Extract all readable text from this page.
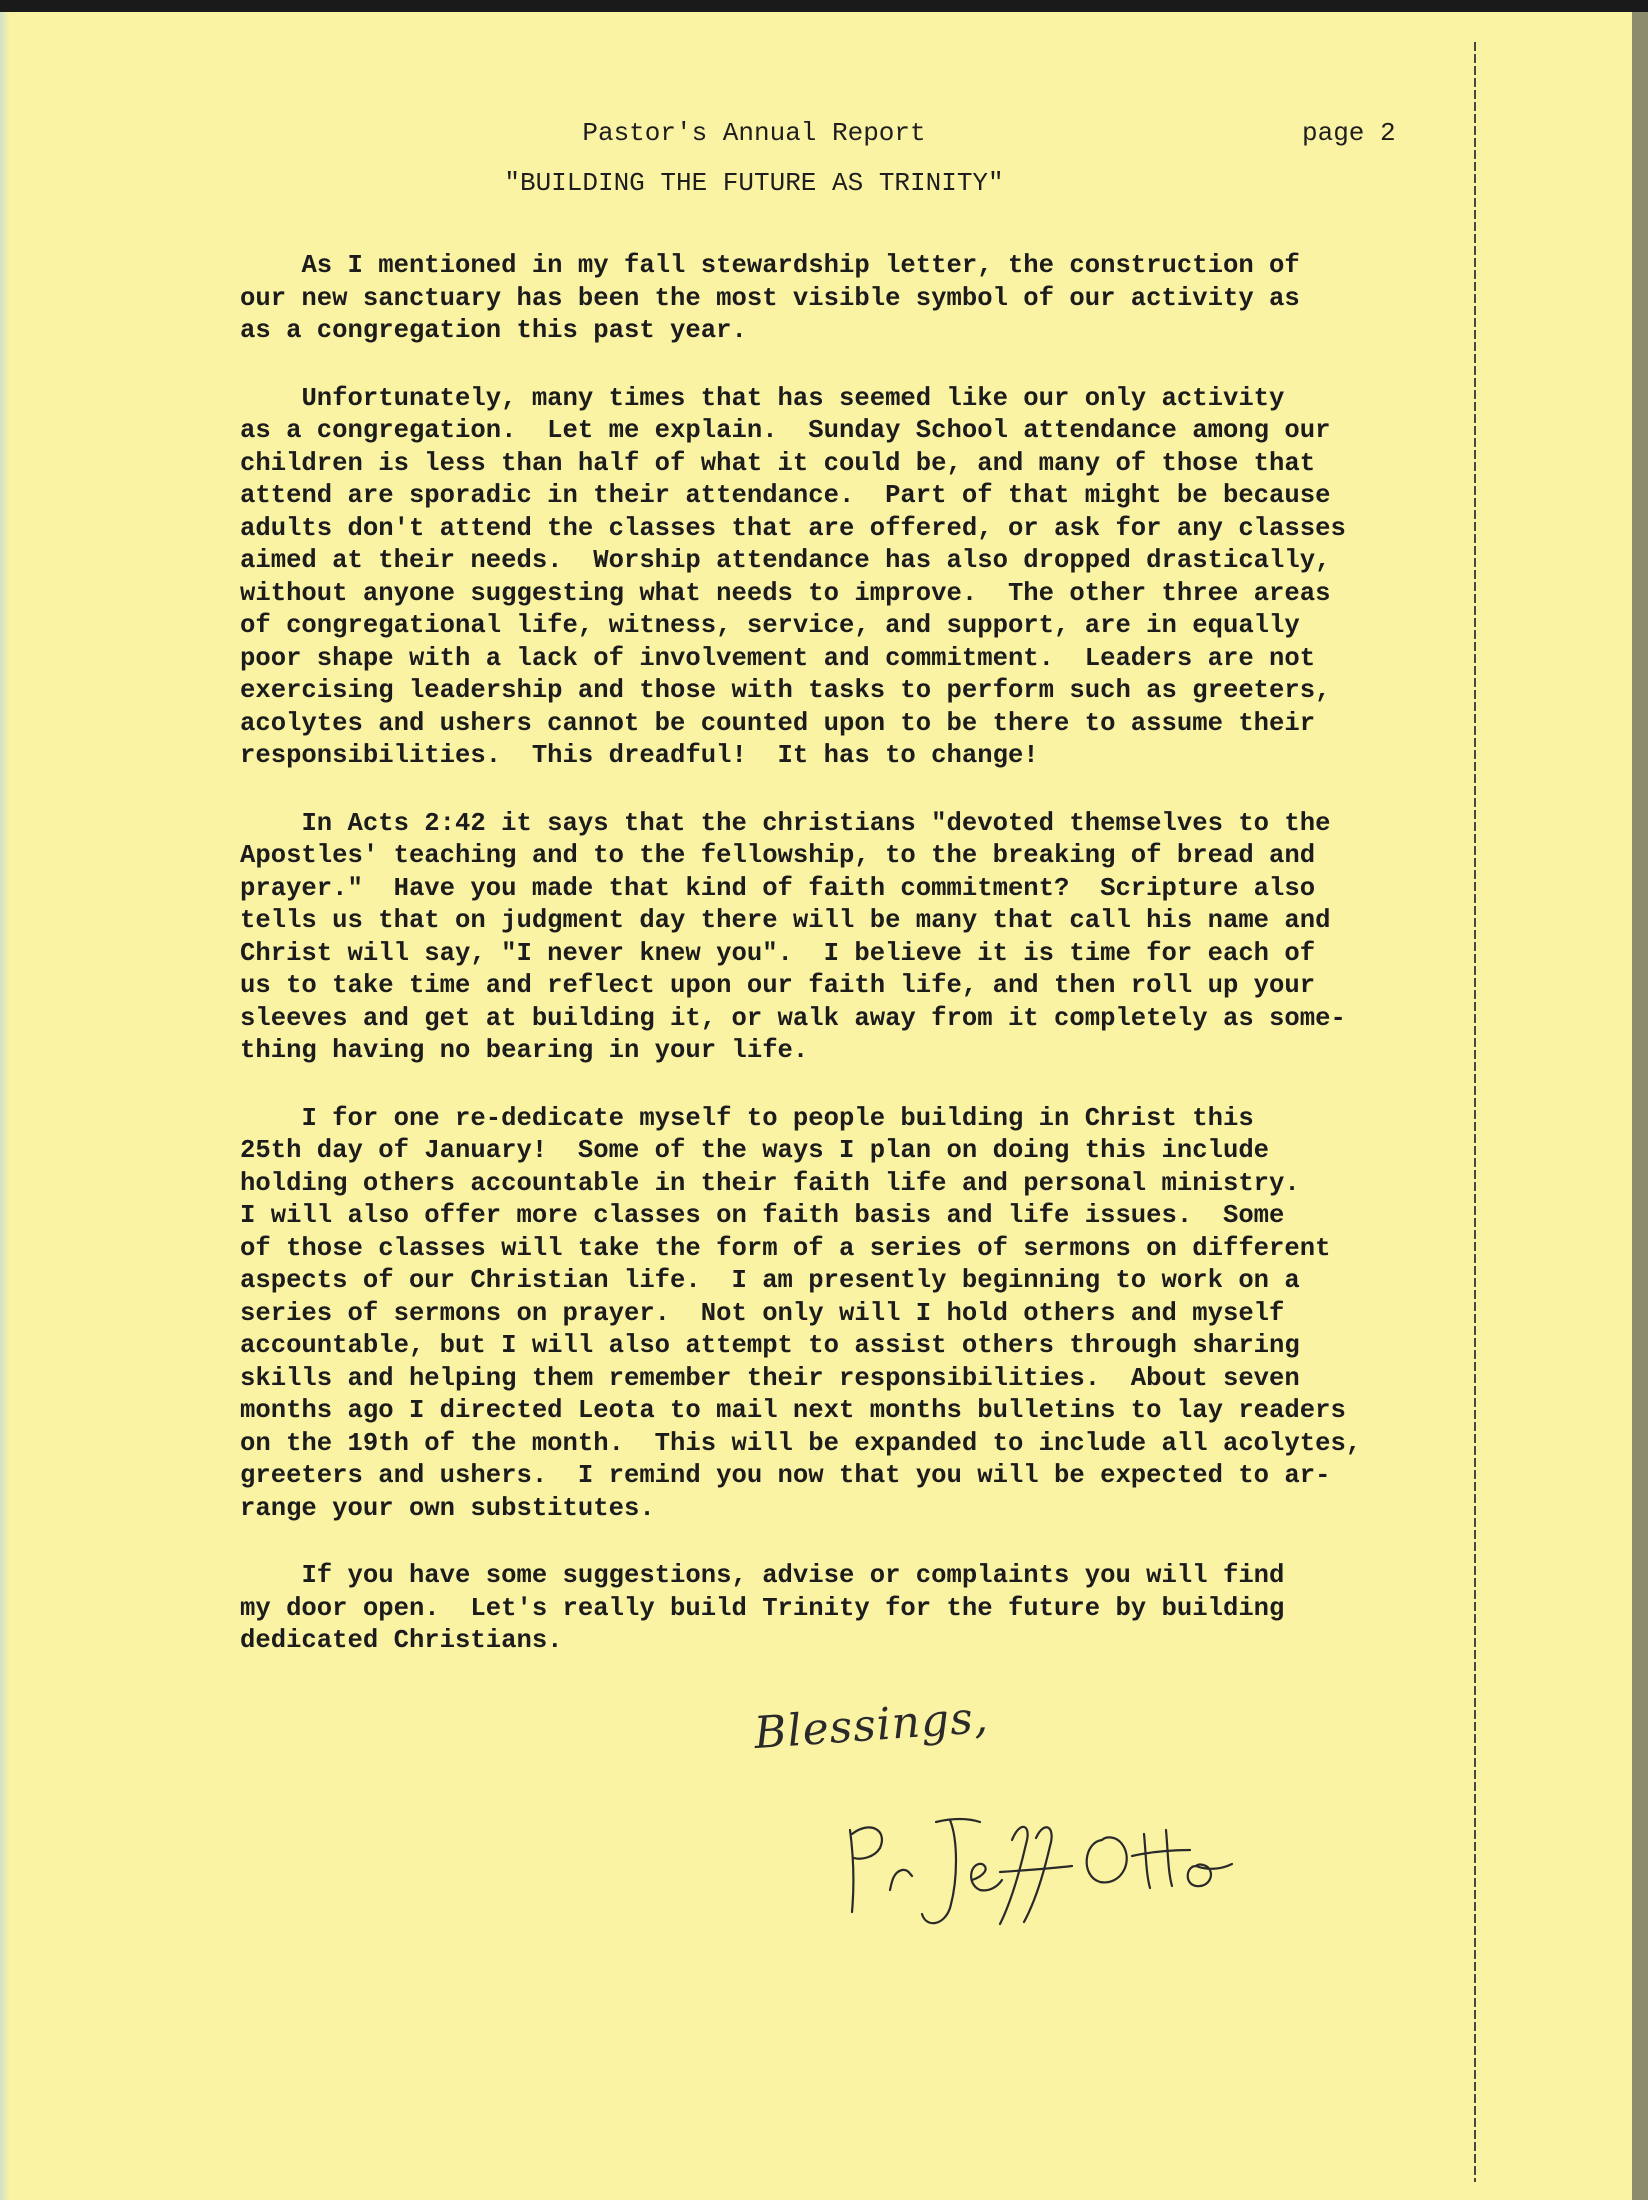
Pastor's Annual Report	page 2
"BUILDING THE FUTURE AS TRINITY"

As I mentioned in my fall stewardship letter, the construction of
our new sanctuary has been the most visible symbol of our activity as
as a congregation this past year.

Unfortunately, many times that has seemed like our only activity
as a congregation.  Let me explain.  Sunday School attendance among our
children is less than half of what it could be, and many of those that
attend are sporadic in their attendance.  Part of that might be because
adults don't attend the classes that are offered, or ask for any classes
aimed at their needs.  Worship attendance has also dropped drastically,
without anyone suggesting what needs to improve.  The other three areas
of congregational life, witness, service, and support, are in equally
poor shape with a lack of involvement and commitment.  Leaders are not
exercising leadership and those with tasks to perform such as greeters,
acolytes and ushers cannot be counted upon to be there to assume their
responsibilities.  This dreadful!  It has to change!

In Acts 2:42 it says that the christians "devoted themselves to the
Apostles' teaching and to the fellowship, to the breaking of bread and
prayer."  Have you made that kind of faith commitment?  Scripture also
tells us that on judgment day there will be many that call his name and
Christ will say, "I never knew you".  I believe it is time for each of
us to take time and reflect upon our faith life, and then roll up your
sleeves and get at building it, or walk away from it completely as some-
thing having no bearing in your life.

I for one re-dedicate myself to people building in Christ this
25th day of January!  Some of the ways I plan on doing this include
holding others accountable in their faith life and personal ministry.
I will also offer more classes on faith basis and life issues.  Some
of those classes will take the form of a series of sermons on different
aspects of our Christian life.  I am presently beginning to work on a
series of sermons on prayer.  Not only will I hold others and myself
accountable, but I will also attempt to assist others through sharing
skills and helping them remember their responsibilities.  About seven
months ago I directed Leota to mail next months bulletins to lay readers
on the 19th of the month.  This will be expanded to include all acolytes,
greeters and ushers.  I remind you now that you will be expected to ar-
range your own substitutes.

If you have some suggestions, advise or complaints you will find
my door open.  Let's really build Trinity for the future by building
dedicated Christians.

Blessings,
